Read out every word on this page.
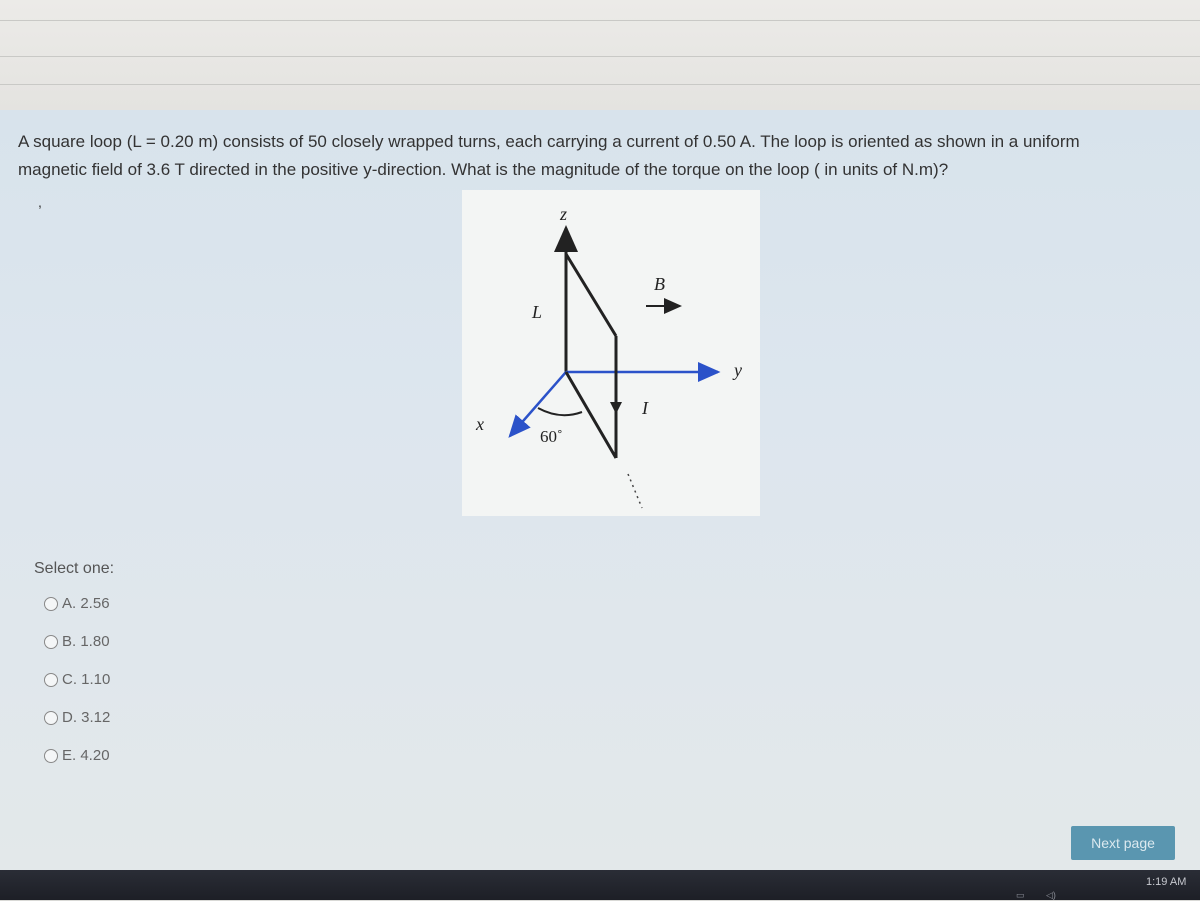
A square loop (L = 0.20 m) consists of 50 closely wrapped turns, each carrying a current of 0.50 A. The loop is oriented as shown in a uniform
magnetic field of 3.6 T directed in the positive y-direction. What is the magnitude of the torque on the loop ( in units of N.m)?
,
z
y
x
B
L
I
60˚
Select one:
A. 2.56
B. 1.80
C. 1.10
D. 3.12
E. 4.20
Next page
1:19 AM
▭ ◁)
